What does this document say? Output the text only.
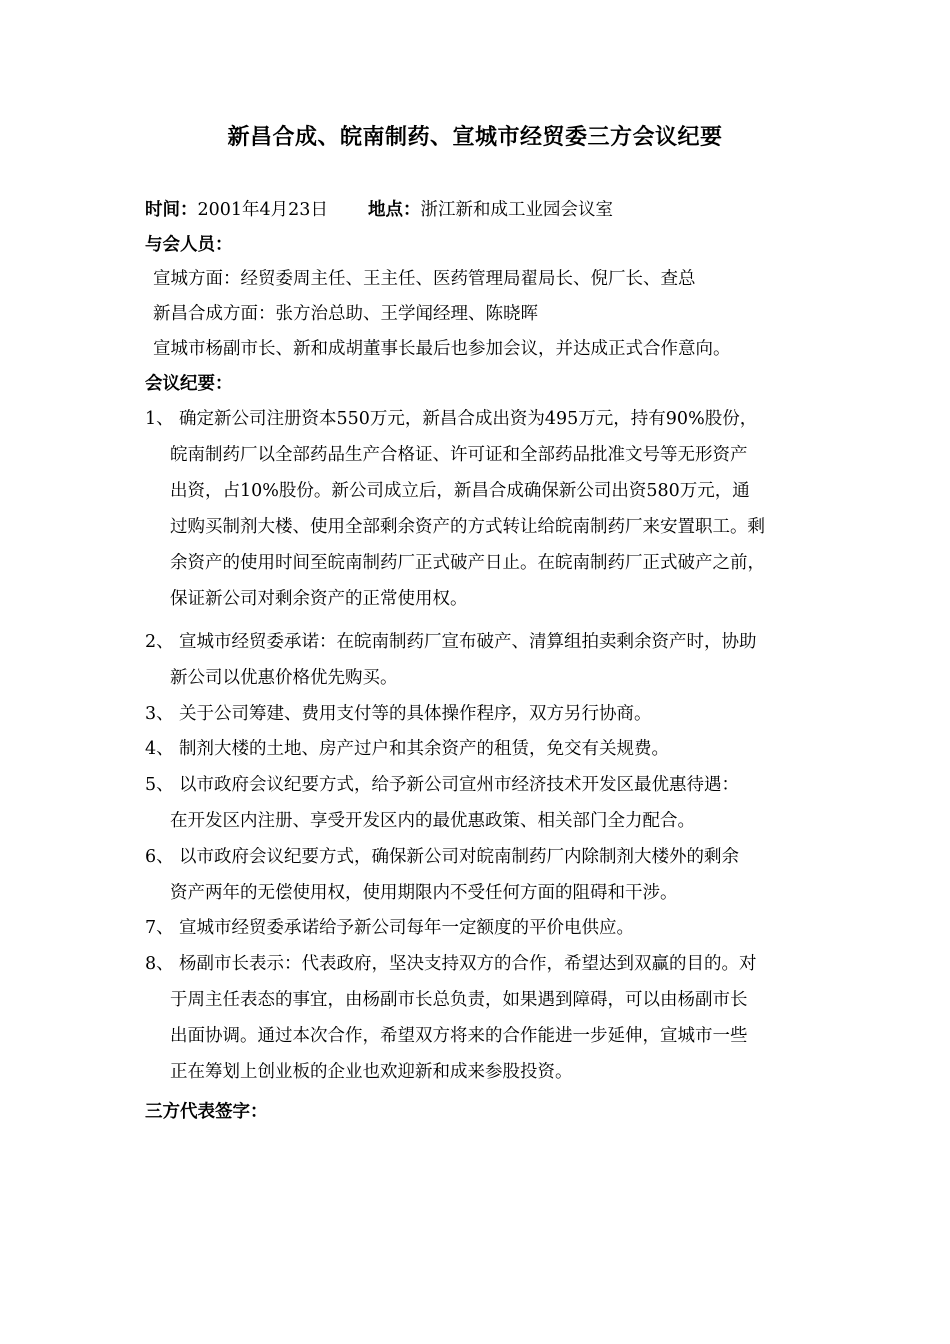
新昌合成、皖南制药、宣城市经贸委三方会议纪要
时间：2001年4月23日 地点：浙江新和成工业园会议室
与会人员：
宣城方面：经贸委周主任、王主任、医药管理局翟局长、倪厂长、查总
新昌合成方面：张方治总助、王学闻经理、陈晓晖
宣城市杨副市长、新和成胡董事长最后也参加会议，并达成正式合作意向。
会议纪要：
1、 确定新公司注册资本550万元，新昌合成出资为495万元，持有90%股份，
皖南制药厂以全部药品生产合格证、许可证和全部药品批准文号等无形资产
出资，占10%股份。新公司成立后，新昌合成确保新公司出资580万元，通
过购买制剂大楼、使用全部剩余资产的方式转让给皖南制药厂来安置职工。剩
余资产的使用时间至皖南制药厂正式破产日止。在皖南制药厂正式破产之前，
保证新公司对剩余资产的正常使用权。
2、 宣城市经贸委承诺：在皖南制药厂宣布破产、清算组拍卖剩余资产时，协助
新公司以优惠价格优先购买。
3、 关于公司筹建、费用支付等的具体操作程序，双方另行协商。
4、 制剂大楼的土地、房产过户和其余资产的租赁，免交有关规费。
5、 以市政府会议纪要方式，给予新公司宣州市经济技术开发区最优惠待遇：
在开发区内注册、享受开发区内的最优惠政策、相关部门全力配合。
6、 以市政府会议纪要方式，确保新公司对皖南制药厂内除制剂大楼外的剩余
资产两年的无偿使用权，使用期限内不受任何方面的阻碍和干涉。
7、 宣城市经贸委承诺给予新公司每年一定额度的平价电供应。
8、 杨副市长表示：代表政府，坚决支持双方的合作，希望达到双赢的目的。对
于周主任表态的事宜，由杨副市长总负责，如果遇到障碍，可以由杨副市长
出面协调。通过本次合作，希望双方将来的合作能进一步延伸，宣城市一些
正在筹划上创业板的企业也欢迎新和成来参股投资。
三方代表签字：
